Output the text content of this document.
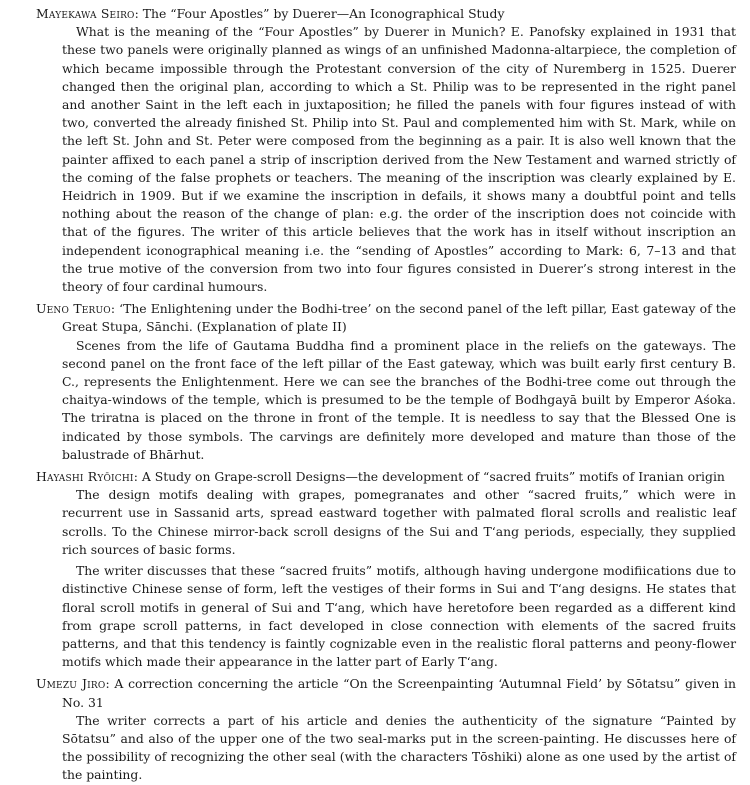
Mayekawa Seiro: The “Four Apostles” by Duerer—An Iconographical Study

What is the meaning of the “Four Apostles” by Duerer in Munich? E. Panofsky explained in 1931 that these two panels were originally planned as wings of an unfinished Madonna-altarpiece, the completion of which became impossible through the Protestant conversion of the city of Nuremberg in 1525. Duerer changed then the original plan, according to which a St. Philip was to be represented in the right panel and another Saint in the left each in juxtaposition; he filled the panels with four figures instead of with two, converted the already finished St. Philip into St. Paul and complemented him with St. Mark, while on the left St. John and St. Peter were composed from the beginning as a pair. It is also well known that the painter affixed to each panel a strip of inscription derived from the New Testament and warned strictly of the coming of the false prophets or teachers. The meaning of the inscription was clearly explained by E. Heidrich in 1909. But if we examine the inscription in defails, it shows many a doubtful point and tells nothing about the reason of the change of plan: e.g. the order of the inscription does not coincide with that of the figures. The writer of this article believes that the work has in itself without inscription an independent iconographical meaning i.e. the “sending of Apostles” according to Mark: 6, 7–13 and that the true motive of the conversion from two into four figures consisted in Duerer’s strong interest in the theory of four cardinal humours.

Ueno Teruo: ‘The Enlightening under the Bodhi-tree’ on the second panel of the left pillar, East gateway of the Great Stupa, Sānchi. (Explanation of plate II)

Scenes from the life of Gautama Buddha find a prominent place in the reliefs on the gateways. The second panel on the front face of the left pillar of the East gateway, which was built early first century B. C., represents the Enlightenment. Here we can see the branches of the Bodhi-tree come out through the chaitya-windows of the temple, which is presumed to be the temple of Bodhgayā built by Emperor Aśoka. The triratna is placed on the throne in front of the temple. It is needless to say that the Blessed One is indicated by those symbols. The carvings are definitely more developed and mature than those of the balustrade of Bhārhut.

Hayashi Ryōichi: A Study on Grape-scroll Designs—the development of “sacred fruits” motifs of Iranian origin

The design motifs dealing with grapes, pomegranates and other “sacred fruits,” which were in recurrent use in Sassanid arts, spread eastward together with palmated floral scrolls and realistic leaf scrolls. To the Chinese mirror-back scroll designs of the Sui and T‘ang periods, especially, they supplied rich sources of basic forms.

The writer discusses that these “sacred fruits” motifs, although having undergone modifiications due to distinctive Chinese sense of form, left the vestiges of their forms in Sui and T‘ang designs. He states that floral scroll motifs in general of Sui and T‘ang, which have heretofore been regarded as a different kind from grape scroll patterns, in fact developed in close connection with elements of the sacred fruits patterns, and that this tendency is faintly cognizable even in the realistic floral patterns and peony-flower motifs which made their appearance in the latter part of Early T‘ang.

Umezu Jiro: A correction concerning the article “On the Screenpainting ‘Autumnal Field’ by Sōtatsu” given in No. 31

The writer corrects a part of his article and denies the authenticity of the signature “Painted by Sōtatsu” and also of the upper one of the two seal-marks put in the screen-painting. He discusses here of the possibility of recognizing the other seal (with the characters Tōshiki) alone as one used by the artist of the painting.
